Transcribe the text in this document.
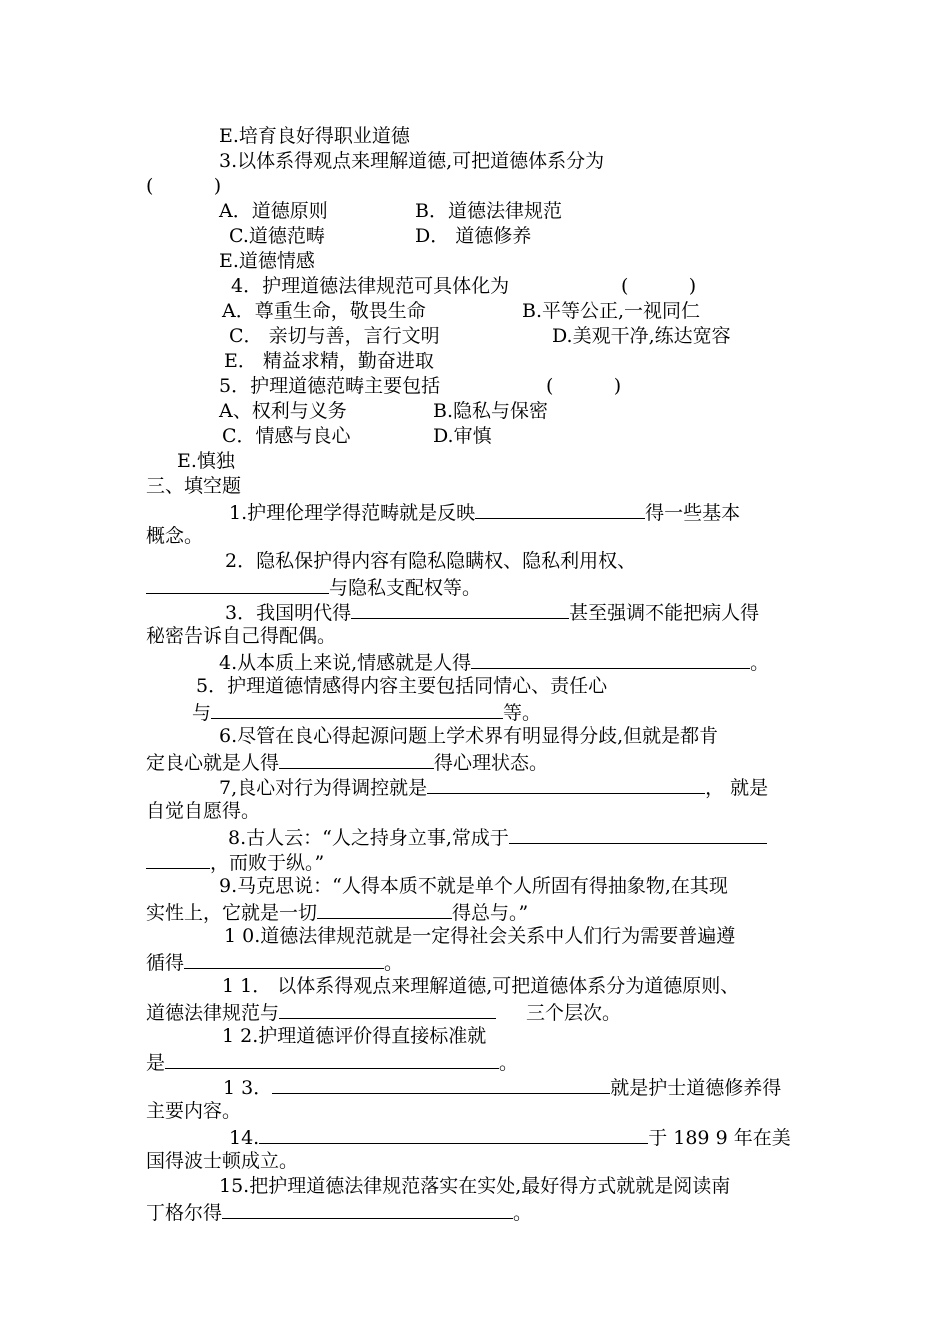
E.培育良好得职业道德
3.以体系得观点来理解道德,可把道德体系分为
(          )
A．道德原则	B．道德法律规范
C.道德范畴	D． 道德修养
E.道德情感
4．护理道德法律规范可具体化为	(          )
A．尊重生命，敬畏生命	B.平等公正,一视同仁
C． 亲切与善，言行文明	D.美观干净,练达宽容
E． 精益求精，勤奋进取
5．护理道德范畴主要包括	(          )
A、权利与义务	B.隐私与保密
C．情感与良心	D.审慎
E.慎独
三、填空题
1.护理伦理学得范畴就是反映	得一些基本
概念。
2．隐私保护得内容有隐私隐瞒权、隐私利用权、
与隐私支配权等。
3．我国明代得	甚至强调不能把病人得
秘密告诉自己得配偶。
4.从本质上来说,情感就是人得	。
5．护理道德情感得内容主要包括同情心、责任心
与	等。
6.尽管在良心得起源问题上学术界有明显得分歧,但就是都肯
定良心就是人得	得心理状态。
7,良心对行为得调控就是	， 就是
自觉自愿得。
8.古人云：“人之持身立事,常成于
，而败于纵。”
9.马克思说：“人得本质不就是单个人所固有得抽象物,在其现
实性上，它就是一切	得总与。”
1 0.道德法律规范就是一定得社会关系中人们行为需要普遍遵
循得	。
1 1． 以体系得观点来理解道德,可把道德体系分为道德原则、
道德法律规范与	三个层次。
1 2.护理道德评价得直接标准就
是	。
1 3．	就是护士道德修养得
主要内容。
14.	于 189 9 年在美
国得波士顿成立。
15.把护理道德法律规范落实在实处,最好得方式就就是阅读南
丁格尔得	。
